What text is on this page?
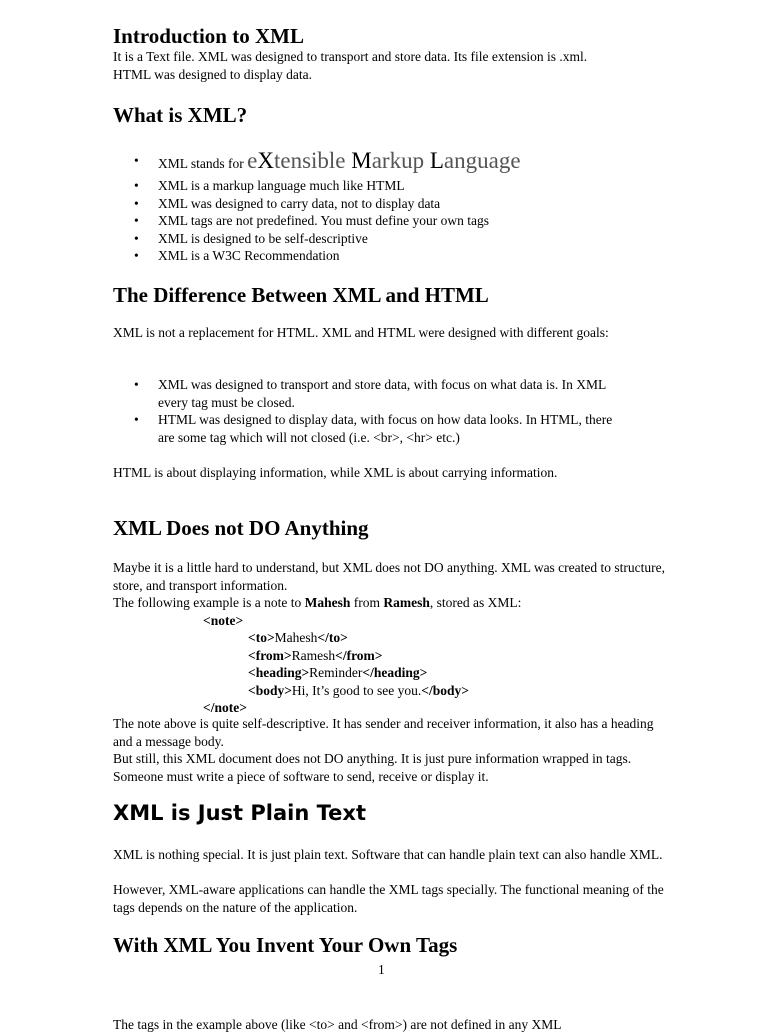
Introduction to XML

It is a Text file. XML was designed to transport and store data. Its file extension is .xml.

HTML was designed to display data.

What is XML?
• XML stands for eXtensible Markup Language
• XML is a markup language much like HTML
• XML was designed to carry data, not to display data
• XML tags are not predefined. You must define your own tags
• XML is designed to be self-descriptive
• XML is a W3C Recommendation
The Difference Between XML and HTML

XML is not a replacement for HTML. XML and HTML were designed with different goals:

• XML was designed to transport and store data, with focus on what data is. In XML every tag must be closed.
• HTML was designed to display data, with focus on how data looks. In HTML, there are some tag which will not closed (i.e. <br>, <hr> etc.)

HTML is about displaying information, while XML is about carrying information.

XML Does not DO Anything

Maybe it is a little hard to understand, but XML does not DO anything. XML was created to structure, store, and transport information.

The following example is a note to Mahesh from Ramesh, stored as XML:

<note>
<to>Mahesh</to>
<from>Ramesh</from>
<heading>Reminder</heading>
<body>Hi, It’s good to see you.</body>
</note>

The note above is quite self-descriptive. It has sender and receiver information, it also has a heading and a message body.

But still, this XML document does not DO anything. It is just pure information wrapped in tags. Someone must write a piece of software to send, receive or display it.

XML is Just Plain Text

XML is nothing special. It is just plain text. Software that can handle plain text can also handle XML.

However, XML-aware applications can handle the XML tags specially. The functional meaning of the tags depends on the nature of the application.

With XML You Invent Your Own Tags
1

The tags in the example above (like <to> and <from>) are not defined in any XML
